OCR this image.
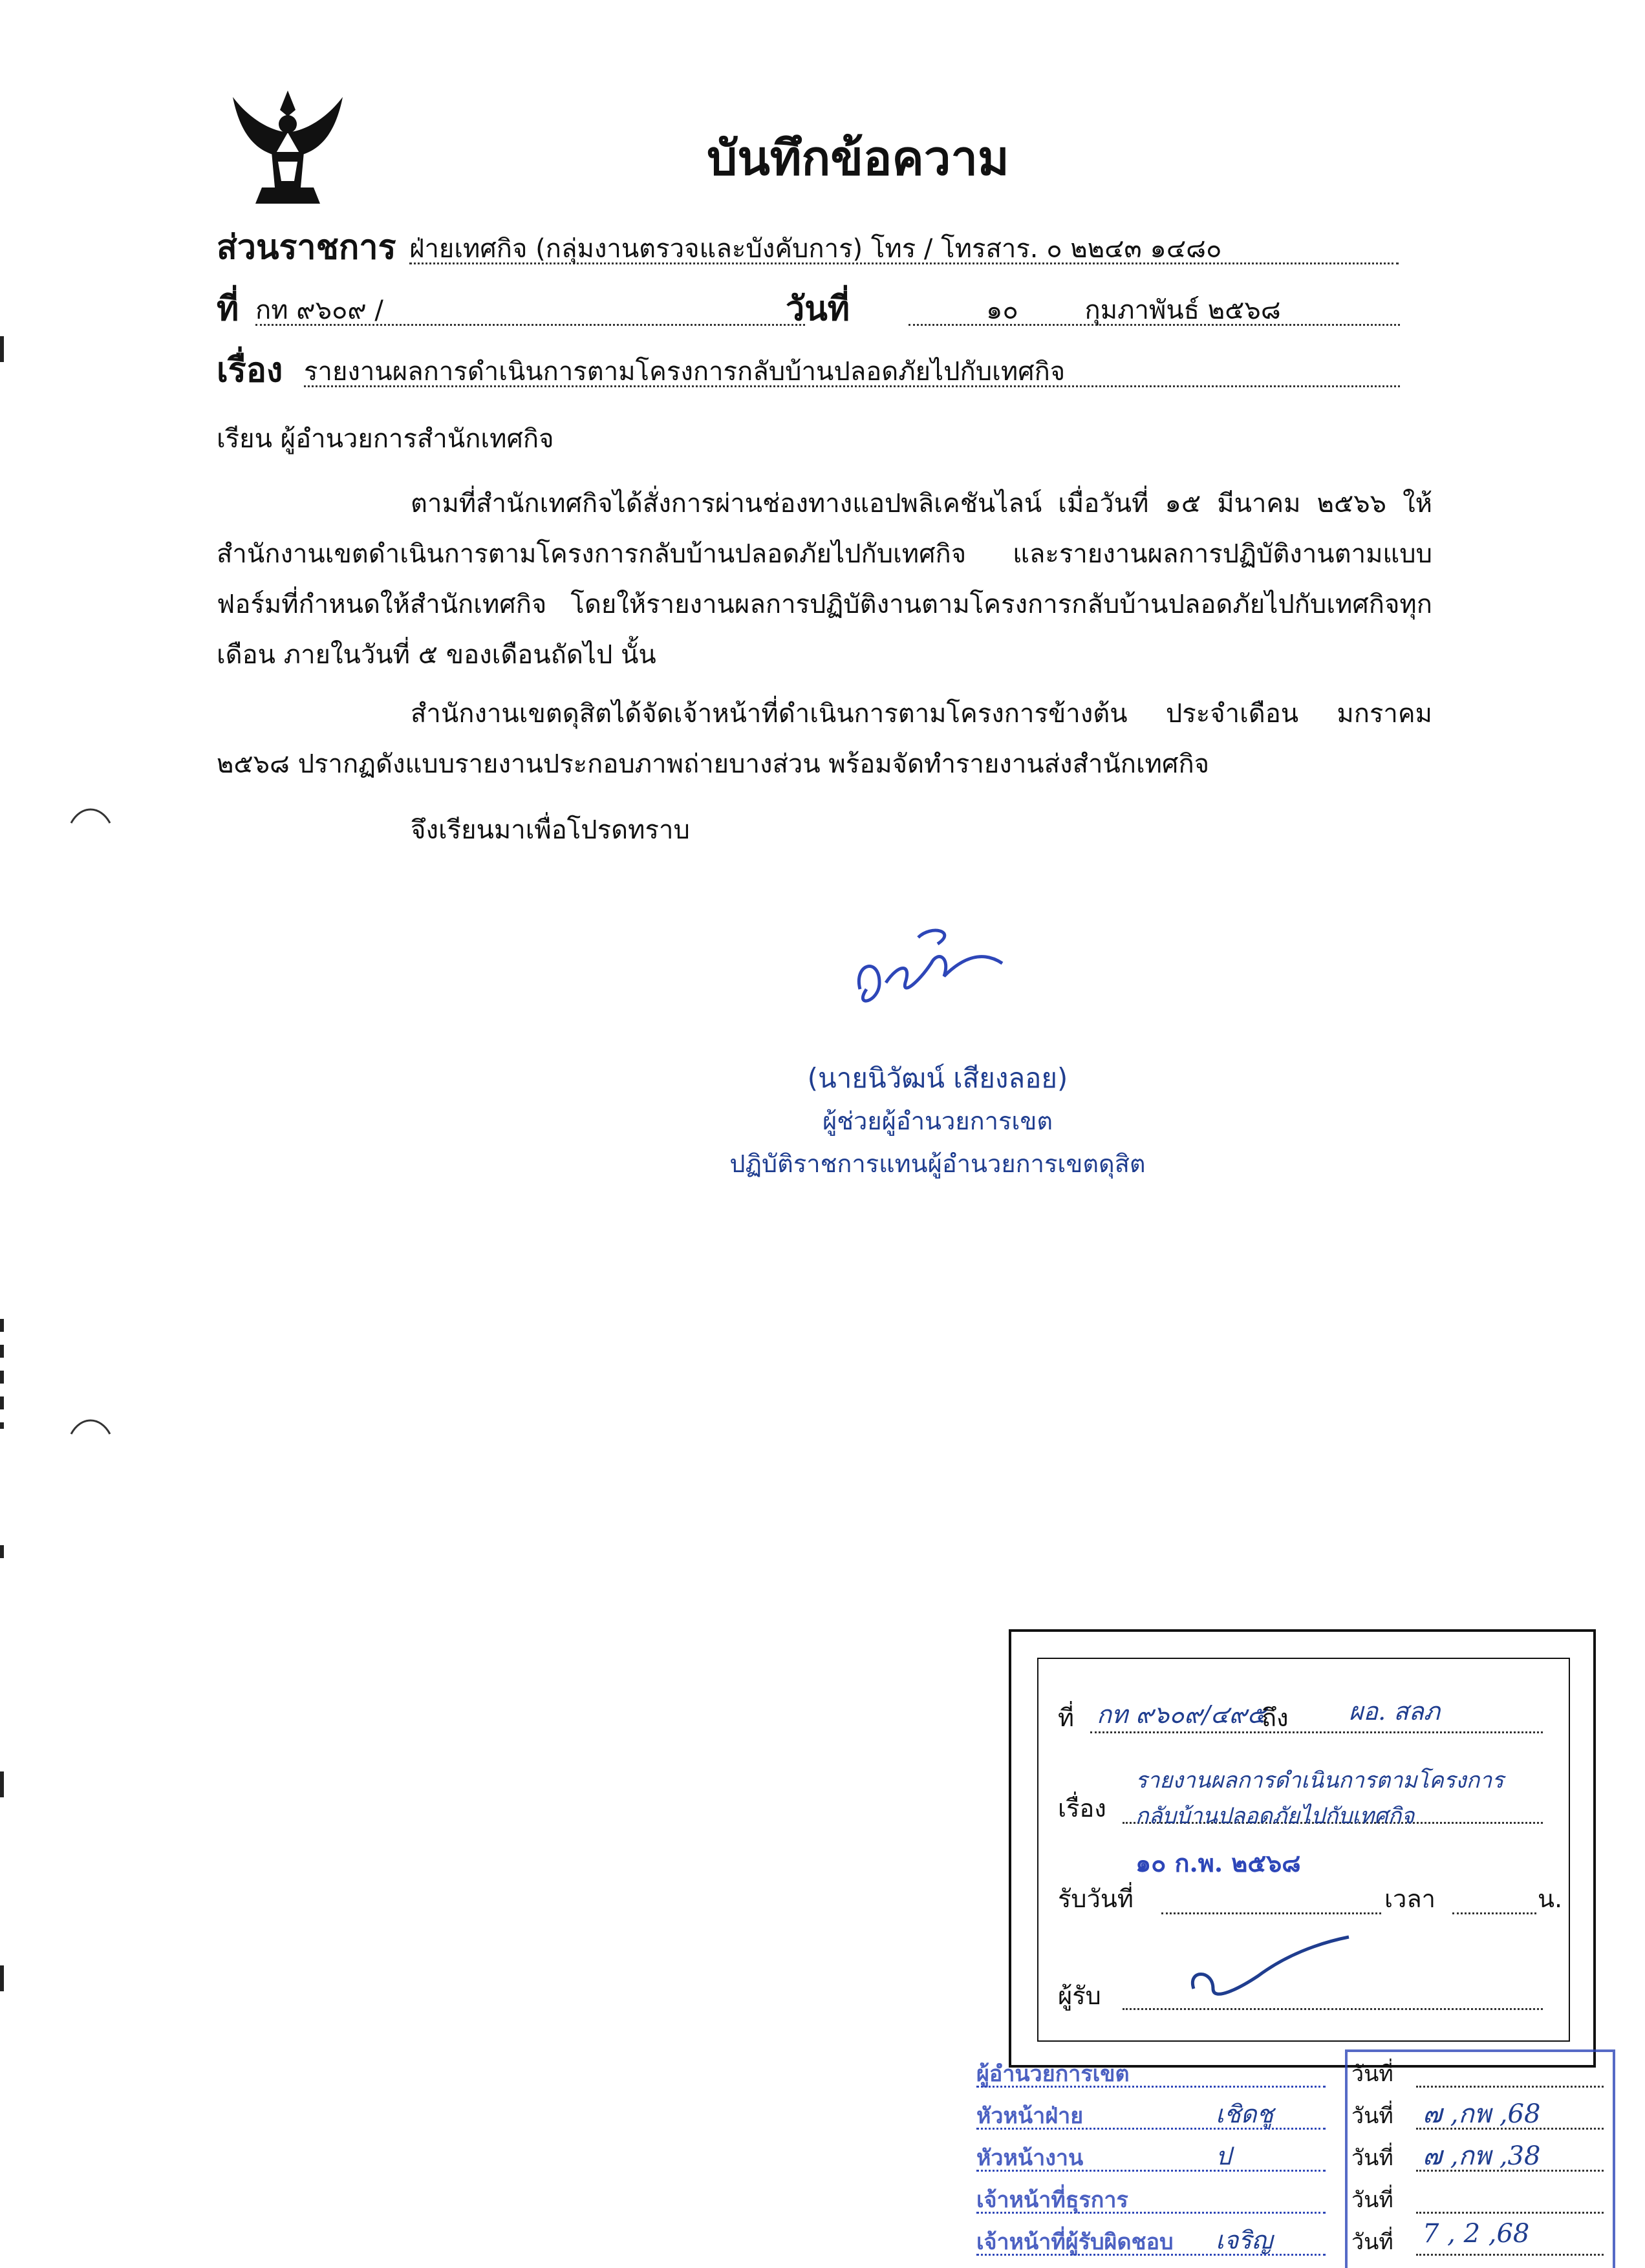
บันทึกข้อความ
ส่วนราชการ ฝ่ายเทศกิจ (กลุ่มงานตรวจและบังคับการ) โทร / โทรสาร. ๐ ๒๒๔๓ ๑๔๘๐
ที่ กท ๙๖๐๙ /	วันที่	๑๐	กุมภาพันธ์ ๒๕๖๘
เรื่อง รายงานผลการดำเนินการตามโครงการกลับบ้านปลอดภัยไปกับเทศกิจ
เรียน ผู้อำนวยการสำนักเทศกิจ
ตามที่สำนักเทศกิจได้สั่งการผ่านช่องทางแอปพลิเคชันไลน์ เมื่อวันที่ ๑๕ มีนาคม ๒๕๖๖ ให้สำนักงานเขตดำเนินการตามโครงการกลับบ้านปลอดภัยไปกับเทศกิจ และรายงานผลการปฏิบัติงานตามแบบฟอร์มที่กำหนดให้สำนักเทศกิจ โดยให้รายงานผลการปฏิบัติงานตามโครงการกลับบ้านปลอดภัยไปกับเทศกิจทุกเดือน ภายในวันที่ ๕ ของเดือนถัดไป นั้น
สำนักงานเขตดุสิตได้จัดเจ้าหน้าที่ดำเนินการตามโครงการข้างต้น ประจำเดือน มกราคม ๒๕๖๘ ปรากฏดังแบบรายงานประกอบภาพถ่ายบางส่วน พร้อมจัดทำรายงานส่งสำนักเทศกิจ
จึงเรียนมาเพื่อโปรดทราบ
(นายนิวัฒน์ เสียงลอย)
ผู้ช่วยผู้อำนวยการเขต
ปฏิบัติราชการแทนผู้อำนวยการเขตดุสิต
ที่ กท ๙๖๐๙/๔๙๕
ถึง ผอ. สลภ
เรื่อง
รายงานผลการดำเนินการตามโครงการ
กลับบ้านปลอดภัยไปกับเทศกิจ
๑๐ ก.พ. ๒๕๖๘
รับวันที่	เวลา	น.
ผู้รับ
ผู้อำนวยการเขต	วันที่
หัวหน้าฝ่าย	เชิดชู	วันที่ ๗ ,กพ ,68
หัวหน้างาน	ป	วันที่ ๗ ,กพ ,38
เจ้าหน้าที่ธุรการ	วันที่
เจ้าหน้าที่ผู้รับผิดชอบ เจริญ	วันที่ 7 , 2 ,68
